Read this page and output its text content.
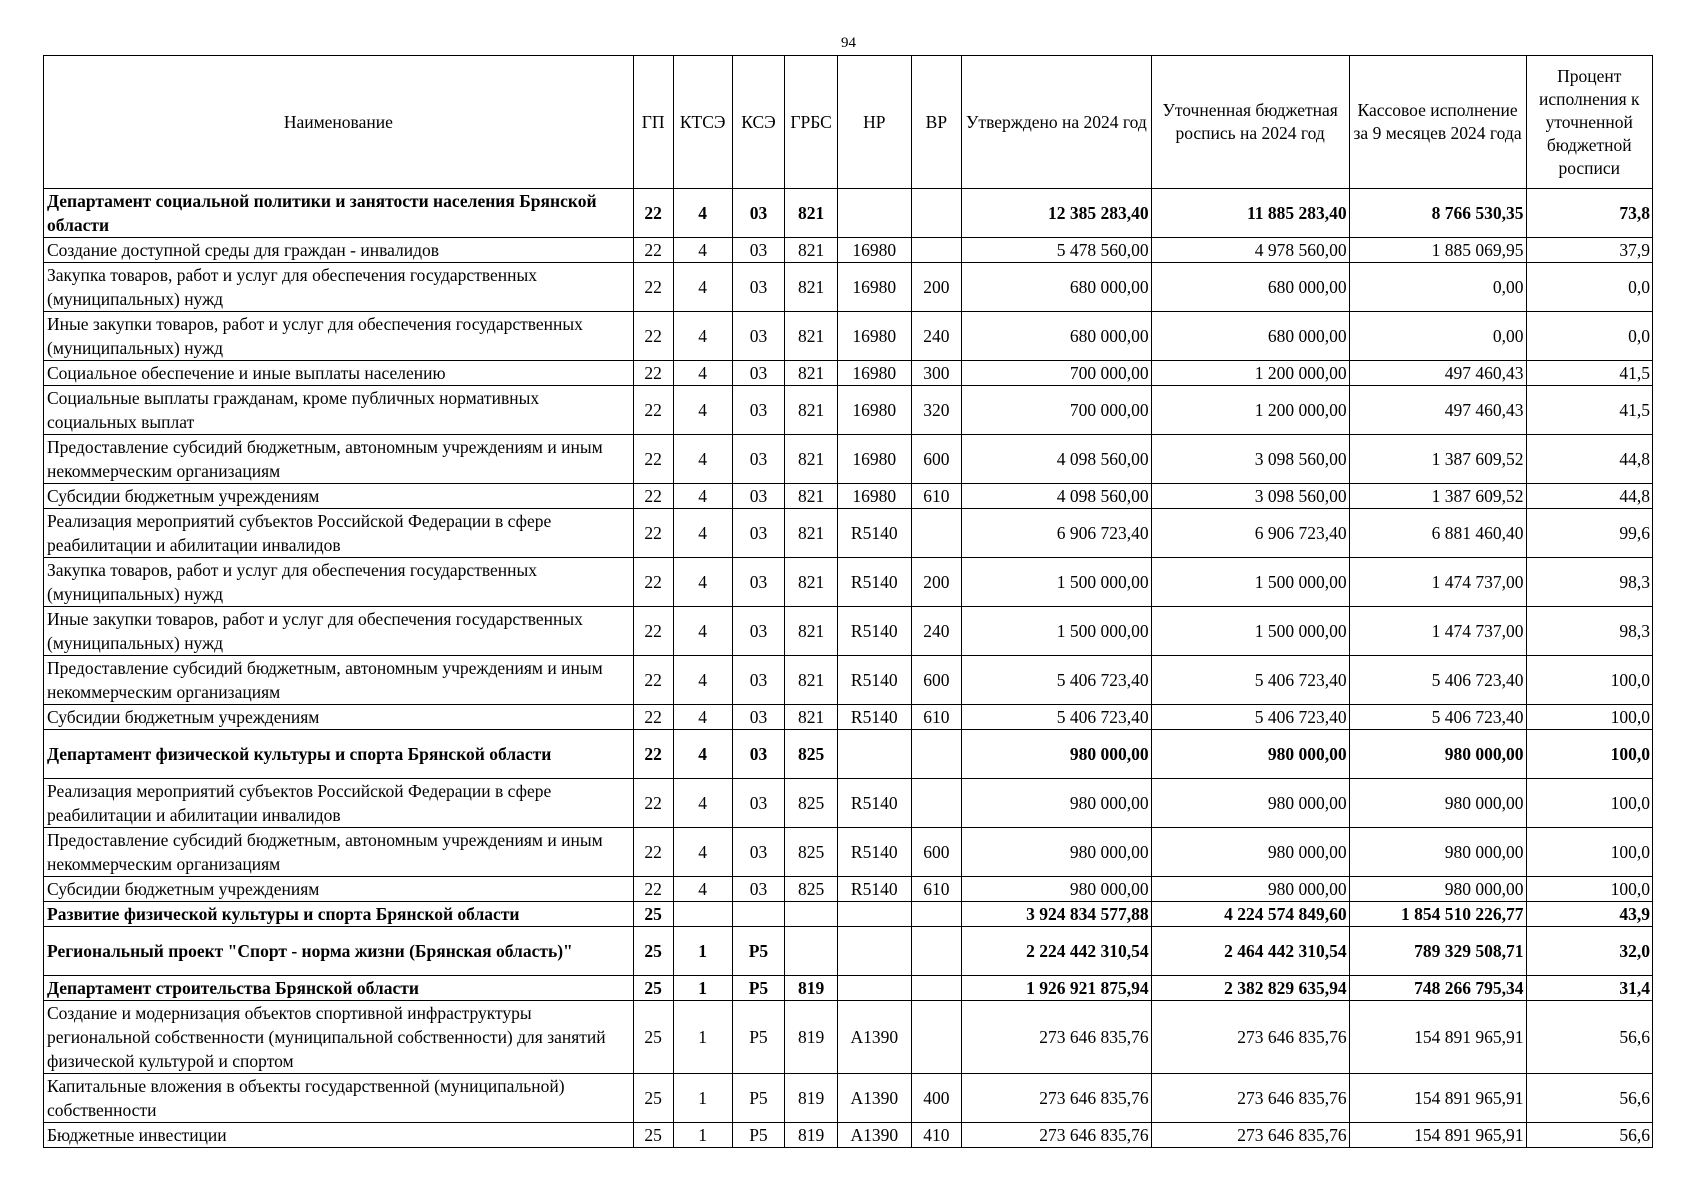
94
Наименование	ГП	КТСЭ	КСЭ	ГРБС	НР	ВР	Утверждено на 2024 год	Уточненная бюджетная роспись на 2024 год	Кассовое исполнение за 9 месяцев 2024 года	Процент исполнения к уточненной бюджетной росписи
Департамент социальной политики и занятости населения Брянской области	22	4	03	821			12 385 283,40	11 885 283,40	8 766 530,35	73,8
Создание доступной среды для граждан - инвалидов	22	4	03	821	16980		5 478 560,00	4 978 560,00	1 885 069,95	37,9
Закупка товаров, работ и услуг для обеспечения государственных (муниципальных) нужд	22	4	03	821	16980	200	680 000,00	680 000,00	0,00	0,0
Иные закупки товаров, работ и услуг для обеспечения государственных (муниципальных) нужд	22	4	03	821	16980	240	680 000,00	680 000,00	0,00	0,0
Социальное обеспечение и иные выплаты населению	22	4	03	821	16980	300	700 000,00	1 200 000,00	497 460,43	41,5
Социальные выплаты гражданам, кроме публичных нормативных социальных выплат	22	4	03	821	16980	320	700 000,00	1 200 000,00	497 460,43	41,5
Предоставление субсидий бюджетным, автономным учреждениям и иным некоммерческим организациям	22	4	03	821	16980	600	4 098 560,00	3 098 560,00	1 387 609,52	44,8
Субсидии бюджетным учреждениям	22	4	03	821	16980	610	4 098 560,00	3 098 560,00	1 387 609,52	44,8
Реализация мероприятий субъектов Российской Федерации в сфере реабилитации и абилитации инвалидов	22	4	03	821	R5140		6 906 723,40	6 906 723,40	6 881 460,40	99,6
Закупка товаров, работ и услуг для обеспечения государственных (муниципальных) нужд	22	4	03	821	R5140	200	1 500 000,00	1 500 000,00	1 474 737,00	98,3
Иные закупки товаров, работ и услуг для обеспечения государственных (муниципальных) нужд	22	4	03	821	R5140	240	1 500 000,00	1 500 000,00	1 474 737,00	98,3
Предоставление субсидий бюджетным, автономным учреждениям и иным некоммерческим организациям	22	4	03	821	R5140	600	5 406 723,40	5 406 723,40	5 406 723,40	100,0
Субсидии бюджетным учреждениям	22	4	03	821	R5140	610	5 406 723,40	5 406 723,40	5 406 723,40	100,0
Департамент физической культуры и спорта Брянской области	22	4	03	825			980 000,00	980 000,00	980 000,00	100,0
Реализация мероприятий субъектов Российской Федерации в сфере реабилитации и абилитации инвалидов	22	4	03	825	R5140		980 000,00	980 000,00	980 000,00	100,0
Предоставление субсидий бюджетным, автономным учреждениям и иным некоммерческим организациям	22	4	03	825	R5140	600	980 000,00	980 000,00	980 000,00	100,0
Субсидии бюджетным учреждениям	22	4	03	825	R5140	610	980 000,00	980 000,00	980 000,00	100,0
Развитие физической культуры и спорта Брянской области	25						3 924 834 577,88	4 224 574 849,60	1 854 510 226,77	43,9
Региональный проект "Спорт - норма жизни (Брянская область)"	25	1	P5				2 224 442 310,54	2 464 442 310,54	789 329 508,71	32,0
Департамент строительства Брянской области	25	1	P5	819			1 926 921 875,94	2 382 829 635,94	748 266 795,34	31,4
Создание и модернизация объектов спортивной инфраструктуры региональной собственности (муниципальной собственности) для занятий физической культурой и спортом	25	1	P5	819	A1390		273 646 835,76	273 646 835,76	154 891 965,91	56,6
Капитальные вложения в объекты государственной (муниципальной) собственности	25	1	P5	819	A1390	400	273 646 835,76	273 646 835,76	154 891 965,91	56,6
Бюджетные инвестиции	25	1	P5	819	A1390	410	273 646 835,76	273 646 835,76	154 891 965,91	56,6
